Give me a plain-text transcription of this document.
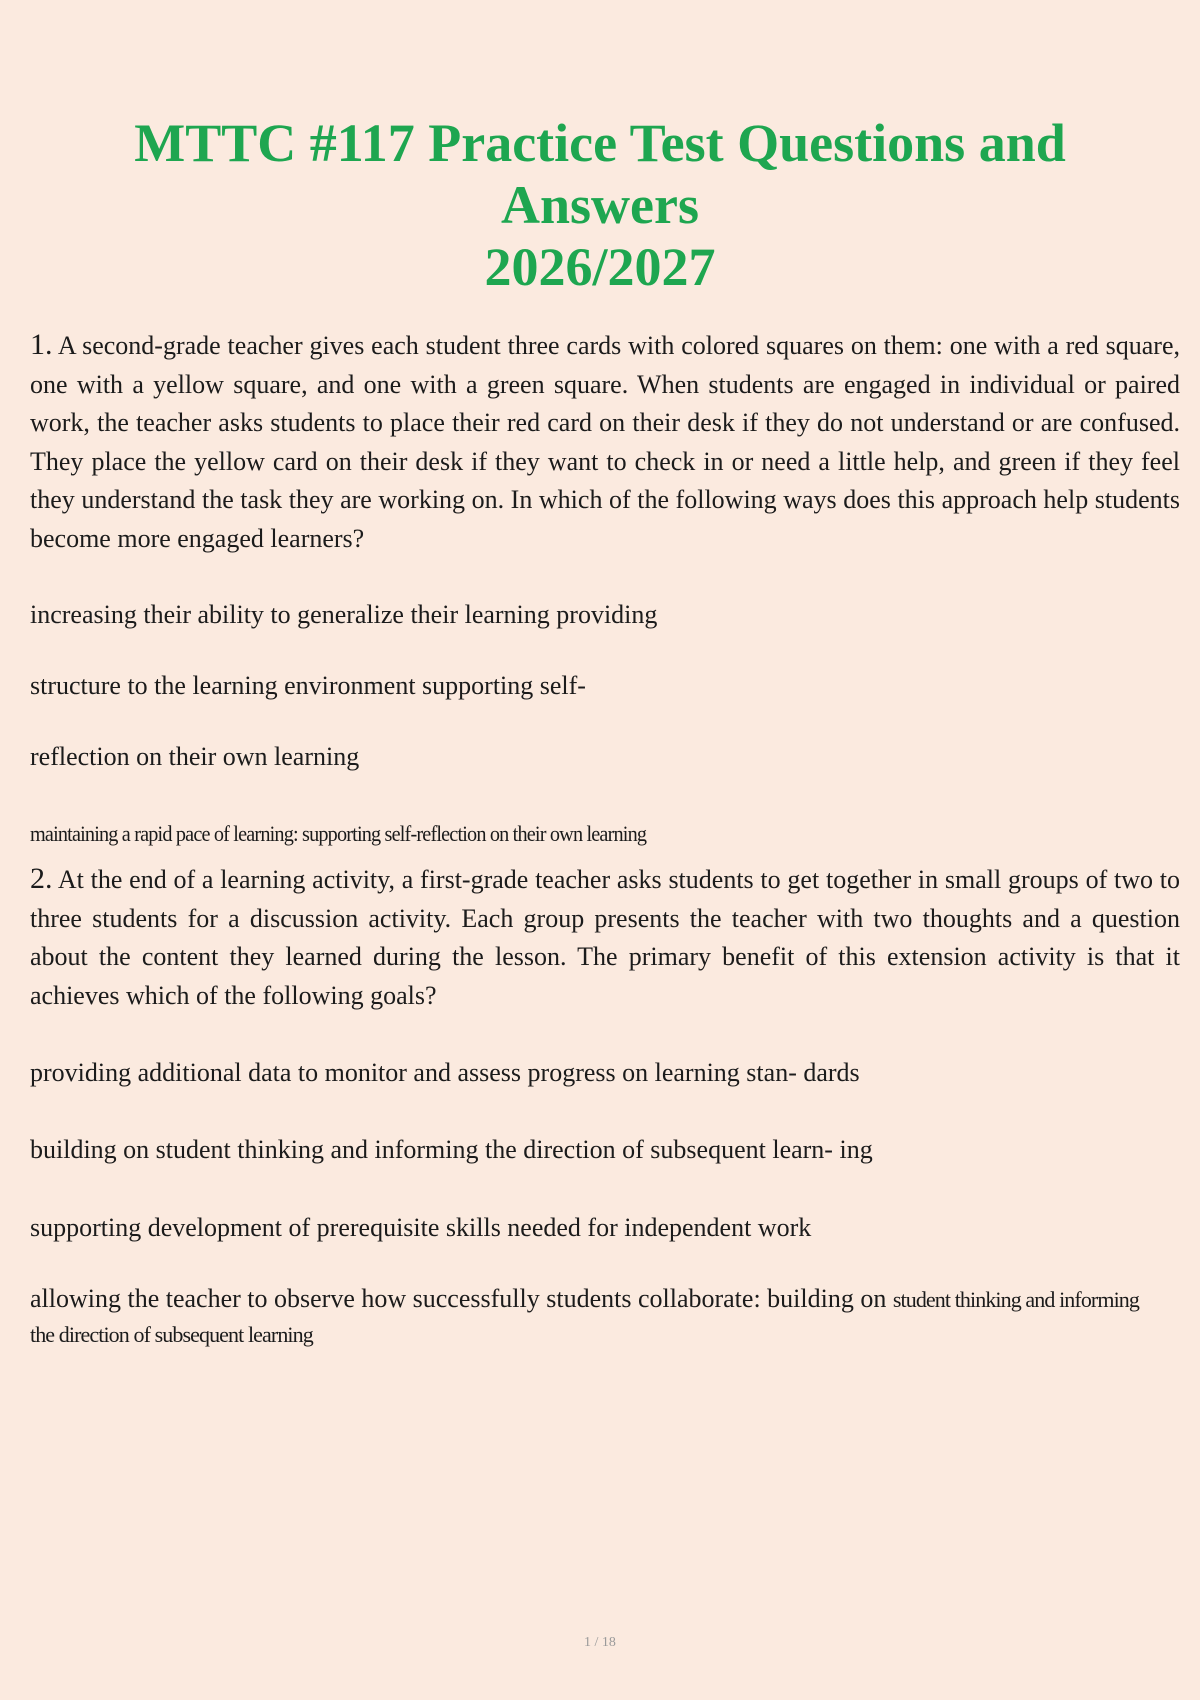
MTTC #117 Practice Test Questions and Answers
2026/2027

1. A second-grade teacher gives each student three cards with colored squares on them: one with a red square, one with a yellow square, and one with a green square. When students are engaged in individual or paired work, the teacher asks students to place their red card on their desk if they do not understand or are confused. They place the yellow card on their desk if they want to check in or need a little help, and green if they feel they understand the task they are working on. In which of the following ways does this approach help students become more engaged learners?

increasing their ability to generalize their learning providing

structure to the learning environment supporting self-

reflection on their own learning

maintaining a rapid pace of learning: supporting self-reflection on their own learning

2. At the end of a learning activity, a first-grade teacher asks students to get together in small groups of two to three students for a discussion activity. Each group presents the teacher with two thoughts and a question about the content they learned during the lesson. The primary benefit of this extension activity is that it achieves which of the following goals?

providing additional data to monitor and assess progress on learning stan- dards

building on student thinking and informing the direction of subsequent learn- ing

supporting development of prerequisite skills needed for independent work

allowing the teacher to observe how successfully students collaborate: building on student thinking and informing
the direction of subsequent learning
1 / 18
